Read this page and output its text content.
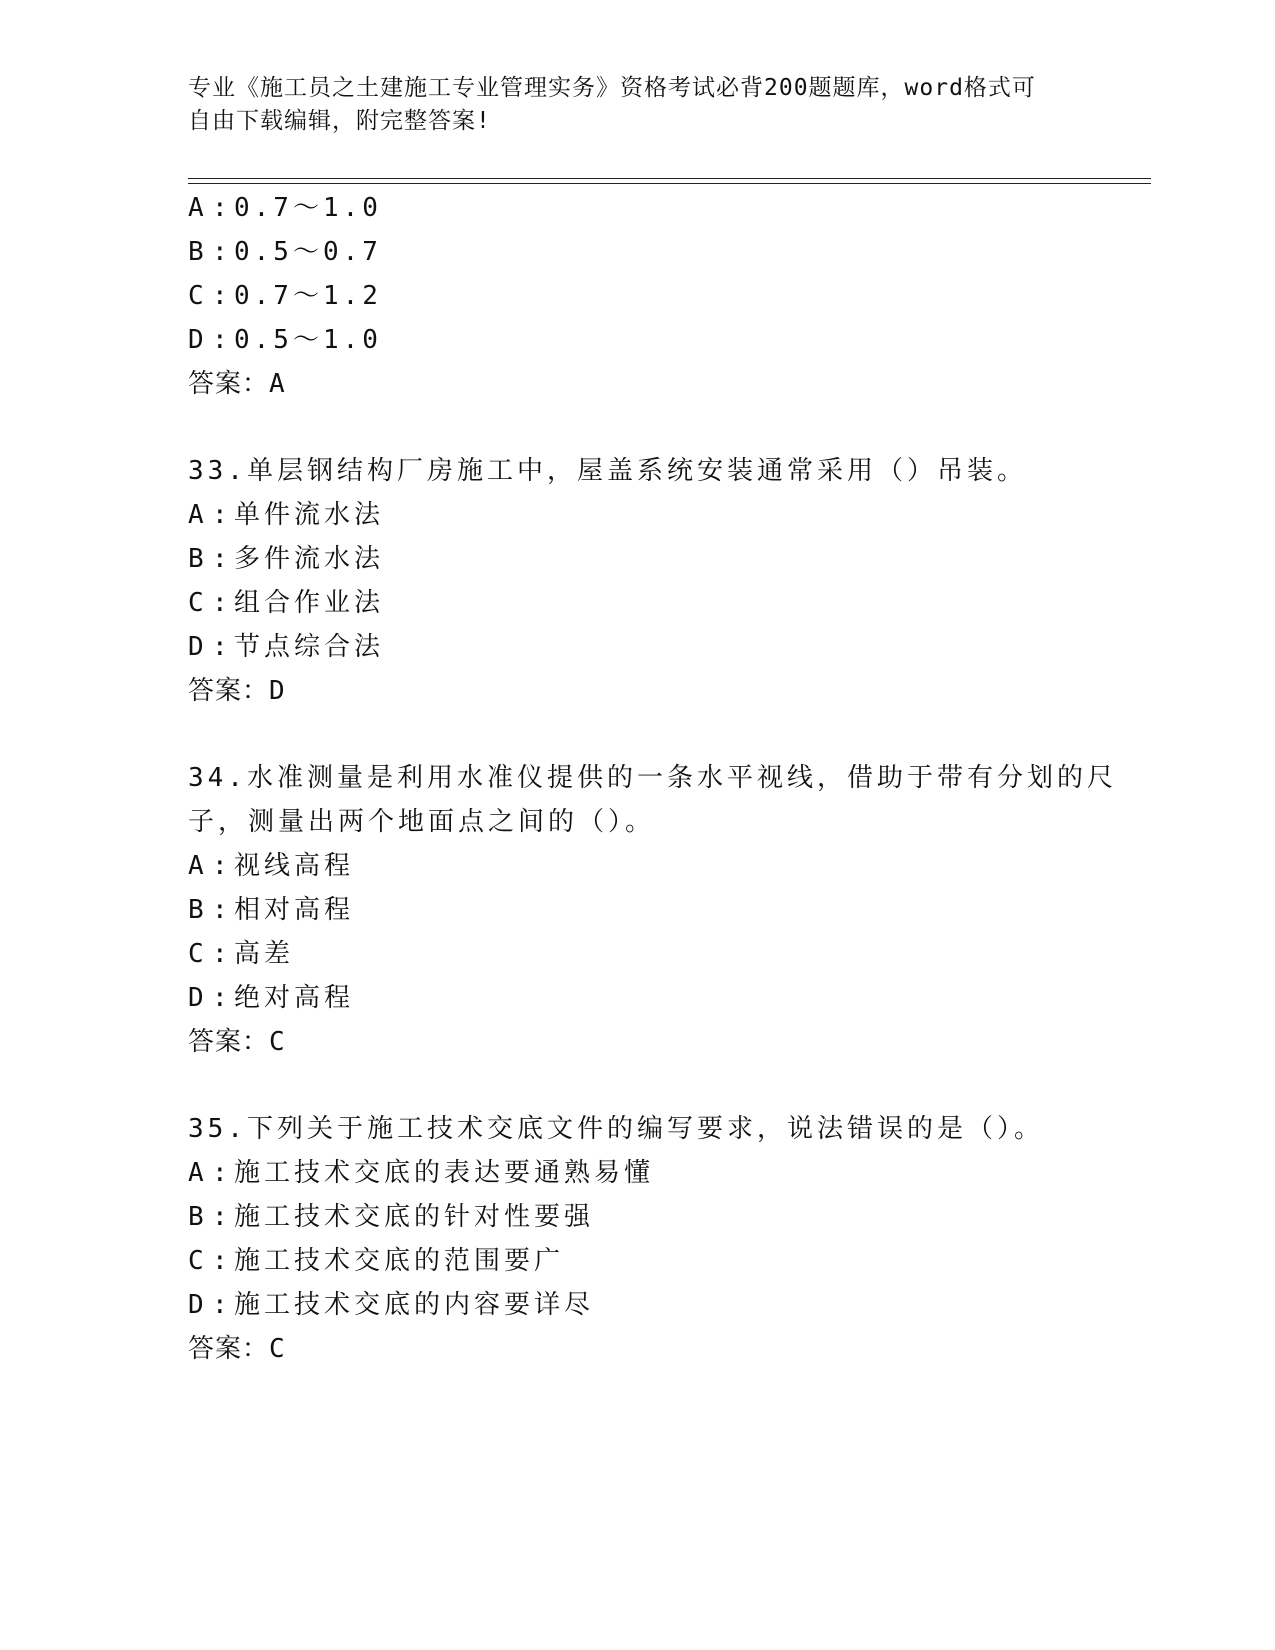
专业《施工员之土建施工专业管理实务》资格考试必背200题题库，word格式可
自由下载编辑，附完整答案!
A : 0.7～1.0
B : 0.5～0.7
C : 0.7～1.2
D : 0.5～1.0
答案：A
33.单层钢结构厂房施工中，屋盖系统安装通常采用（）吊装。
A : 单件流水法
B : 多件流水法
C : 组合作业法
D : 节点综合法
答案：D
34.水准测量是利用水准仪提供的一条水平视线，借助于带有分划的尺
子，测量出两个地面点之间的（）。
A : 视线高程
B : 相对高程
C : 高差
D : 绝对高程
答案：C
35.下列关于施工技术交底文件的编写要求，说法错误的是（）。
A : 施工技术交底的表达要通熟易懂
B : 施工技术交底的针对性要强
C : 施工技术交底的范围要广
D : 施工技术交底的内容要详尽
答案：C
